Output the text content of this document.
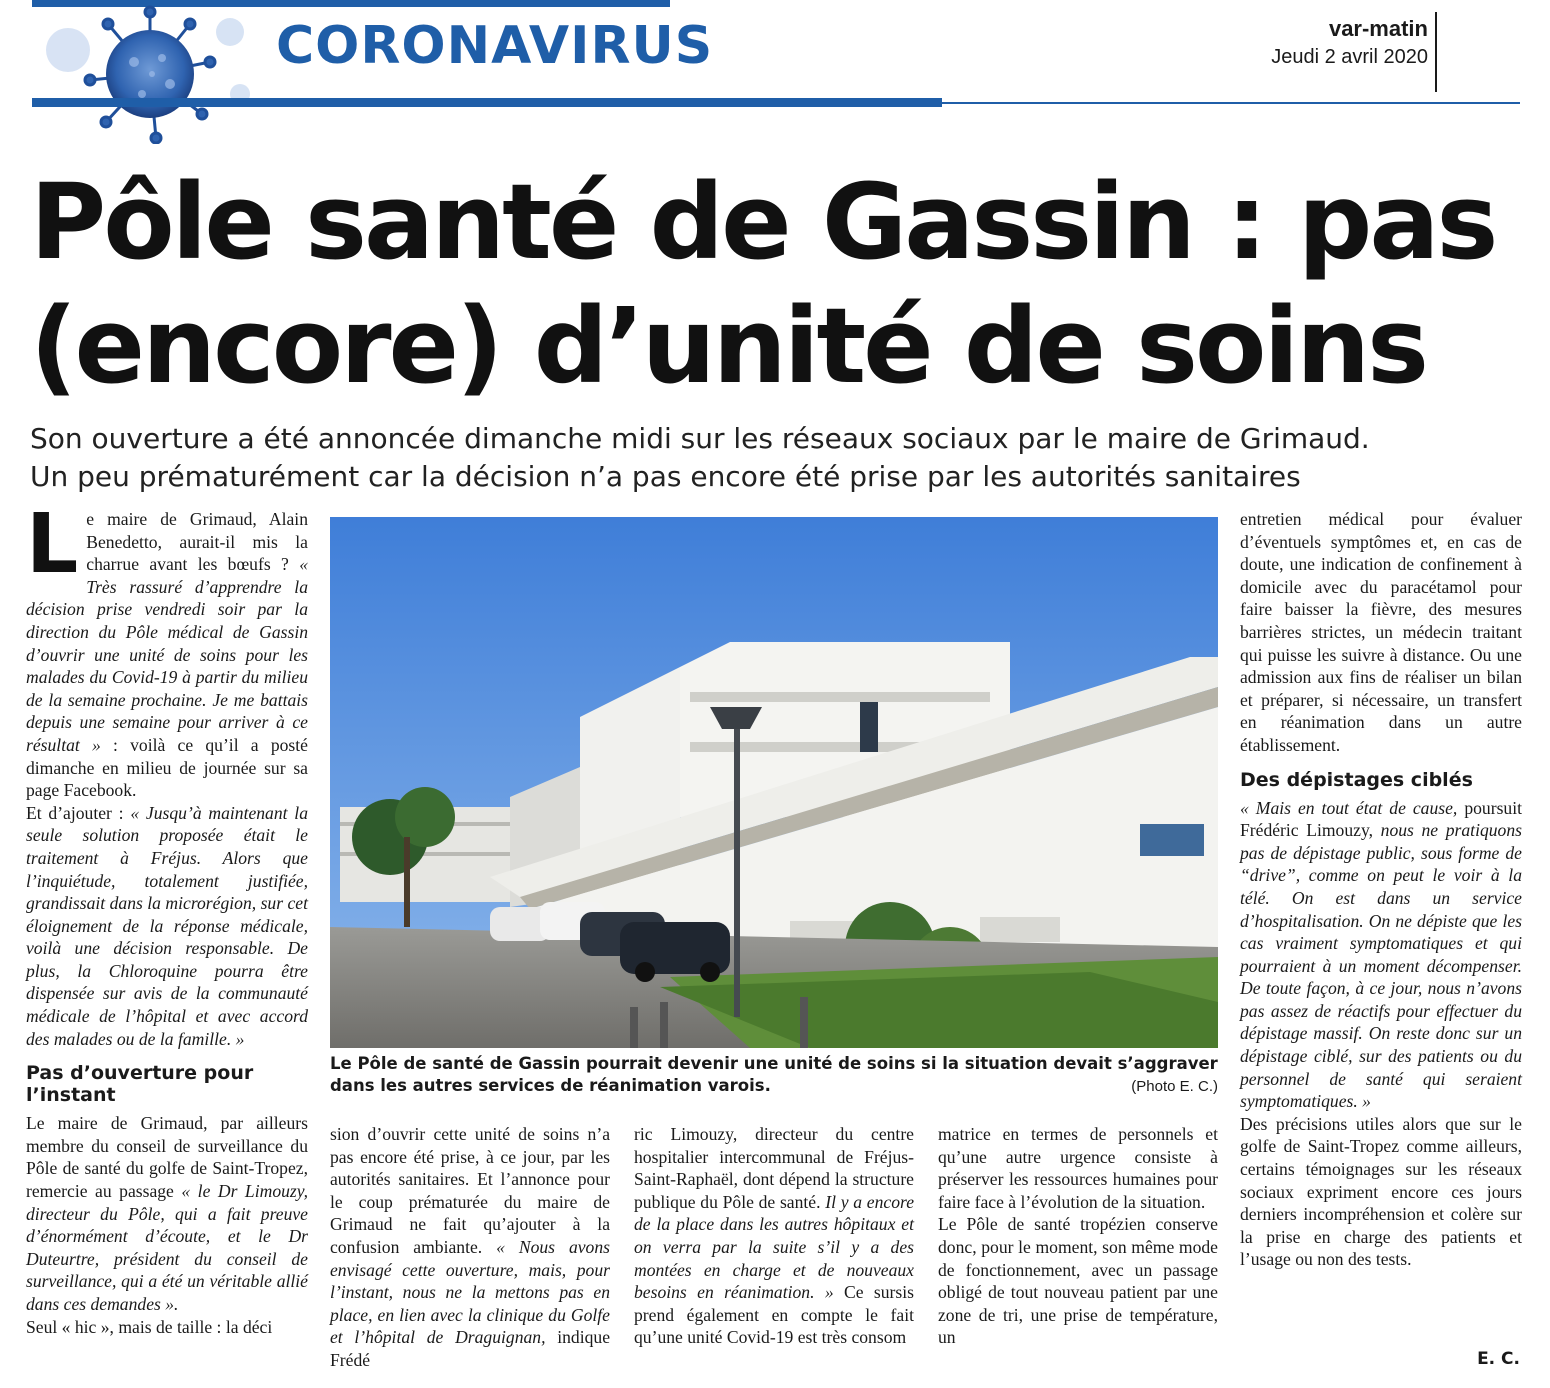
CORONAVIRUS	var-matin
Jeudi 2 avril 2020
Pôle santé de Gassin : pas
(encore) d’unité de soins
Son ouverture a été annoncée dimanche midi sur les réseaux sociaux par le maire de Grimaud.
Un peu prématurément car la décision n’a pas encore été prise par les autorités sanitaires

Le maire de Grimaud, Alain Benedetto, aurait-il mis la charrue avant les bœufs ? « Très rassuré d’apprendre la décision prise vendredi soir par la direction du Pôle médical de Gassin d’ouvrir une unité de soins pour les malades du Covid-19 à partir du milieu de la semaine prochaine. Je me battais depuis une semaine pour arriver à ce résultat » : voilà ce qu’il a posté dimanche en milieu de journée sur sa page Facebook.

Et d’ajouter : « Jusqu’à maintenant la seule solution proposée était le traitement à Fréjus. Alors que l’inquiétude, totalement justifiée, grandissait dans la microrégion, sur cet éloignement de la réponse médicale, voilà une décision responsable. De plus, la Chloroquine pourra être dispensée sur avis de la communauté médicale de l’hôpital et avec accord des malades ou de la famille. »

Pas d’ouverture pour l’instant

Le maire de Grimaud, par ailleurs membre du conseil de surveillance du Pôle de santé du golfe de Saint-Tropez, remercie au passage « le Dr Limouzy, directeur du Pôle, qui a fait preuve d’énormément d’écoute, et le Dr Duteurtre, président du conseil de surveillance, qui a été un véritable allié dans ces demandes ».

Seul « hic », mais de taille : la déci

Le Pôle de santé de Gassin pourrait devenir une unité de soins si la situation devait s’aggraver dans les autres services de réanimation varois.	(Photo E. C.)

sion d’ouvrir cette unité de soins n’a pas encore été prise, à ce jour, par les autorités sanitaires. Et l’annonce pour le coup prématurée du maire de Grimaud ne fait qu’ajouter à la confusion ambiante. « Nous avons envisagé cette ouverture, mais, pour l’instant, nous ne la mettons pas en place, en lien avec la clinique du Golfe et l’hôpital de Draguignan, indique Frédé

ric Limouzy, directeur du centre hospitalier intercommunal de Fréjus-Saint-Raphaël, dont dépend la structure publique du Pôle de santé. Il y a encore de la place dans les autres hôpitaux et on verra par la suite s’il y a des montées en charge et de nouveaux besoins en réanimation. » Ce sursis prend également en compte le fait qu’une unité Covid-19 est très consom

matrice en termes de personnels et qu’une autre urgence consiste à préserver les ressources humaines pour faire face à l’évolution de la situation.

Le Pôle de santé tropézien conserve donc, pour le moment, son même mode de fonctionnement, avec un passage obligé de tout nouveau patient par une zone de tri, une prise de température, un

entretien médical pour évaluer d’éventuels symptômes et, en cas de doute, une indication de confinement à domicile avec du paracétamol pour faire baisser la fièvre, des mesures barrières strictes, un médecin traitant qui puisse les suivre à distance. Ou une admission aux fins de réaliser un bilan et préparer, si nécessaire, un transfert en réanimation dans un autre établissement.

Des dépistages ciblés

« Mais en tout état de cause, poursuit Frédéric Limouzy, nous ne pratiquons pas de dépistage public, sous forme de “drive”, comme on peut le voir à la télé. On est dans un service d’hospitalisation. On ne dépiste que les cas vraiment symptomatiques et qui pourraient à un moment décompenser. De toute façon, à ce jour, nous n’avons pas assez de réactifs pour effectuer du dépistage massif. On reste donc sur un dépistage ciblé, sur des patients ou du personnel de santé qui seraient symptomatiques. »

Des précisions utiles alors que sur le golfe de Saint-Tropez comme ailleurs, certains témoignages sur les réseaux sociaux expriment encore ces jours derniers incompréhension et colère sur la prise en charge des patients et l’usage ou non des tests.

E. C.
